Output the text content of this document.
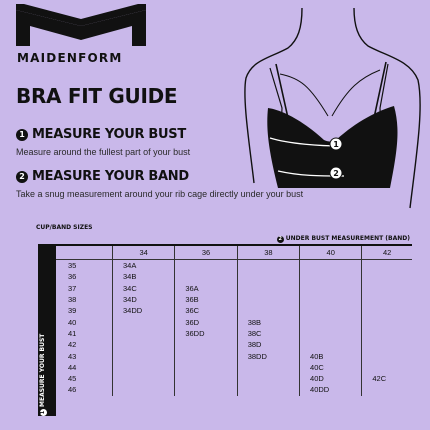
MAIDENFORM
BRA FIT GUIDE
1 MEASURE YOUR BUST
Measure around the fullest part of your bust
2 MEASURE YOUR BAND
Take a snug measurement around your rib cage directly under your bust
1
2
CUP/BAND SIZES
2 UNDER BUST MEASUREMENT (BAND)
1MEASURE YOUR BUST
	34	36	38	40	42
35	34A				
36	34B				
37	34C	36A			
38	34D	36B			
39	34DD	36C			
40		36D	38B		
41		36DD	38C		
42			38D		
43			38DD	40B	
44				40C	
45				40D	42C
46				40DD	
